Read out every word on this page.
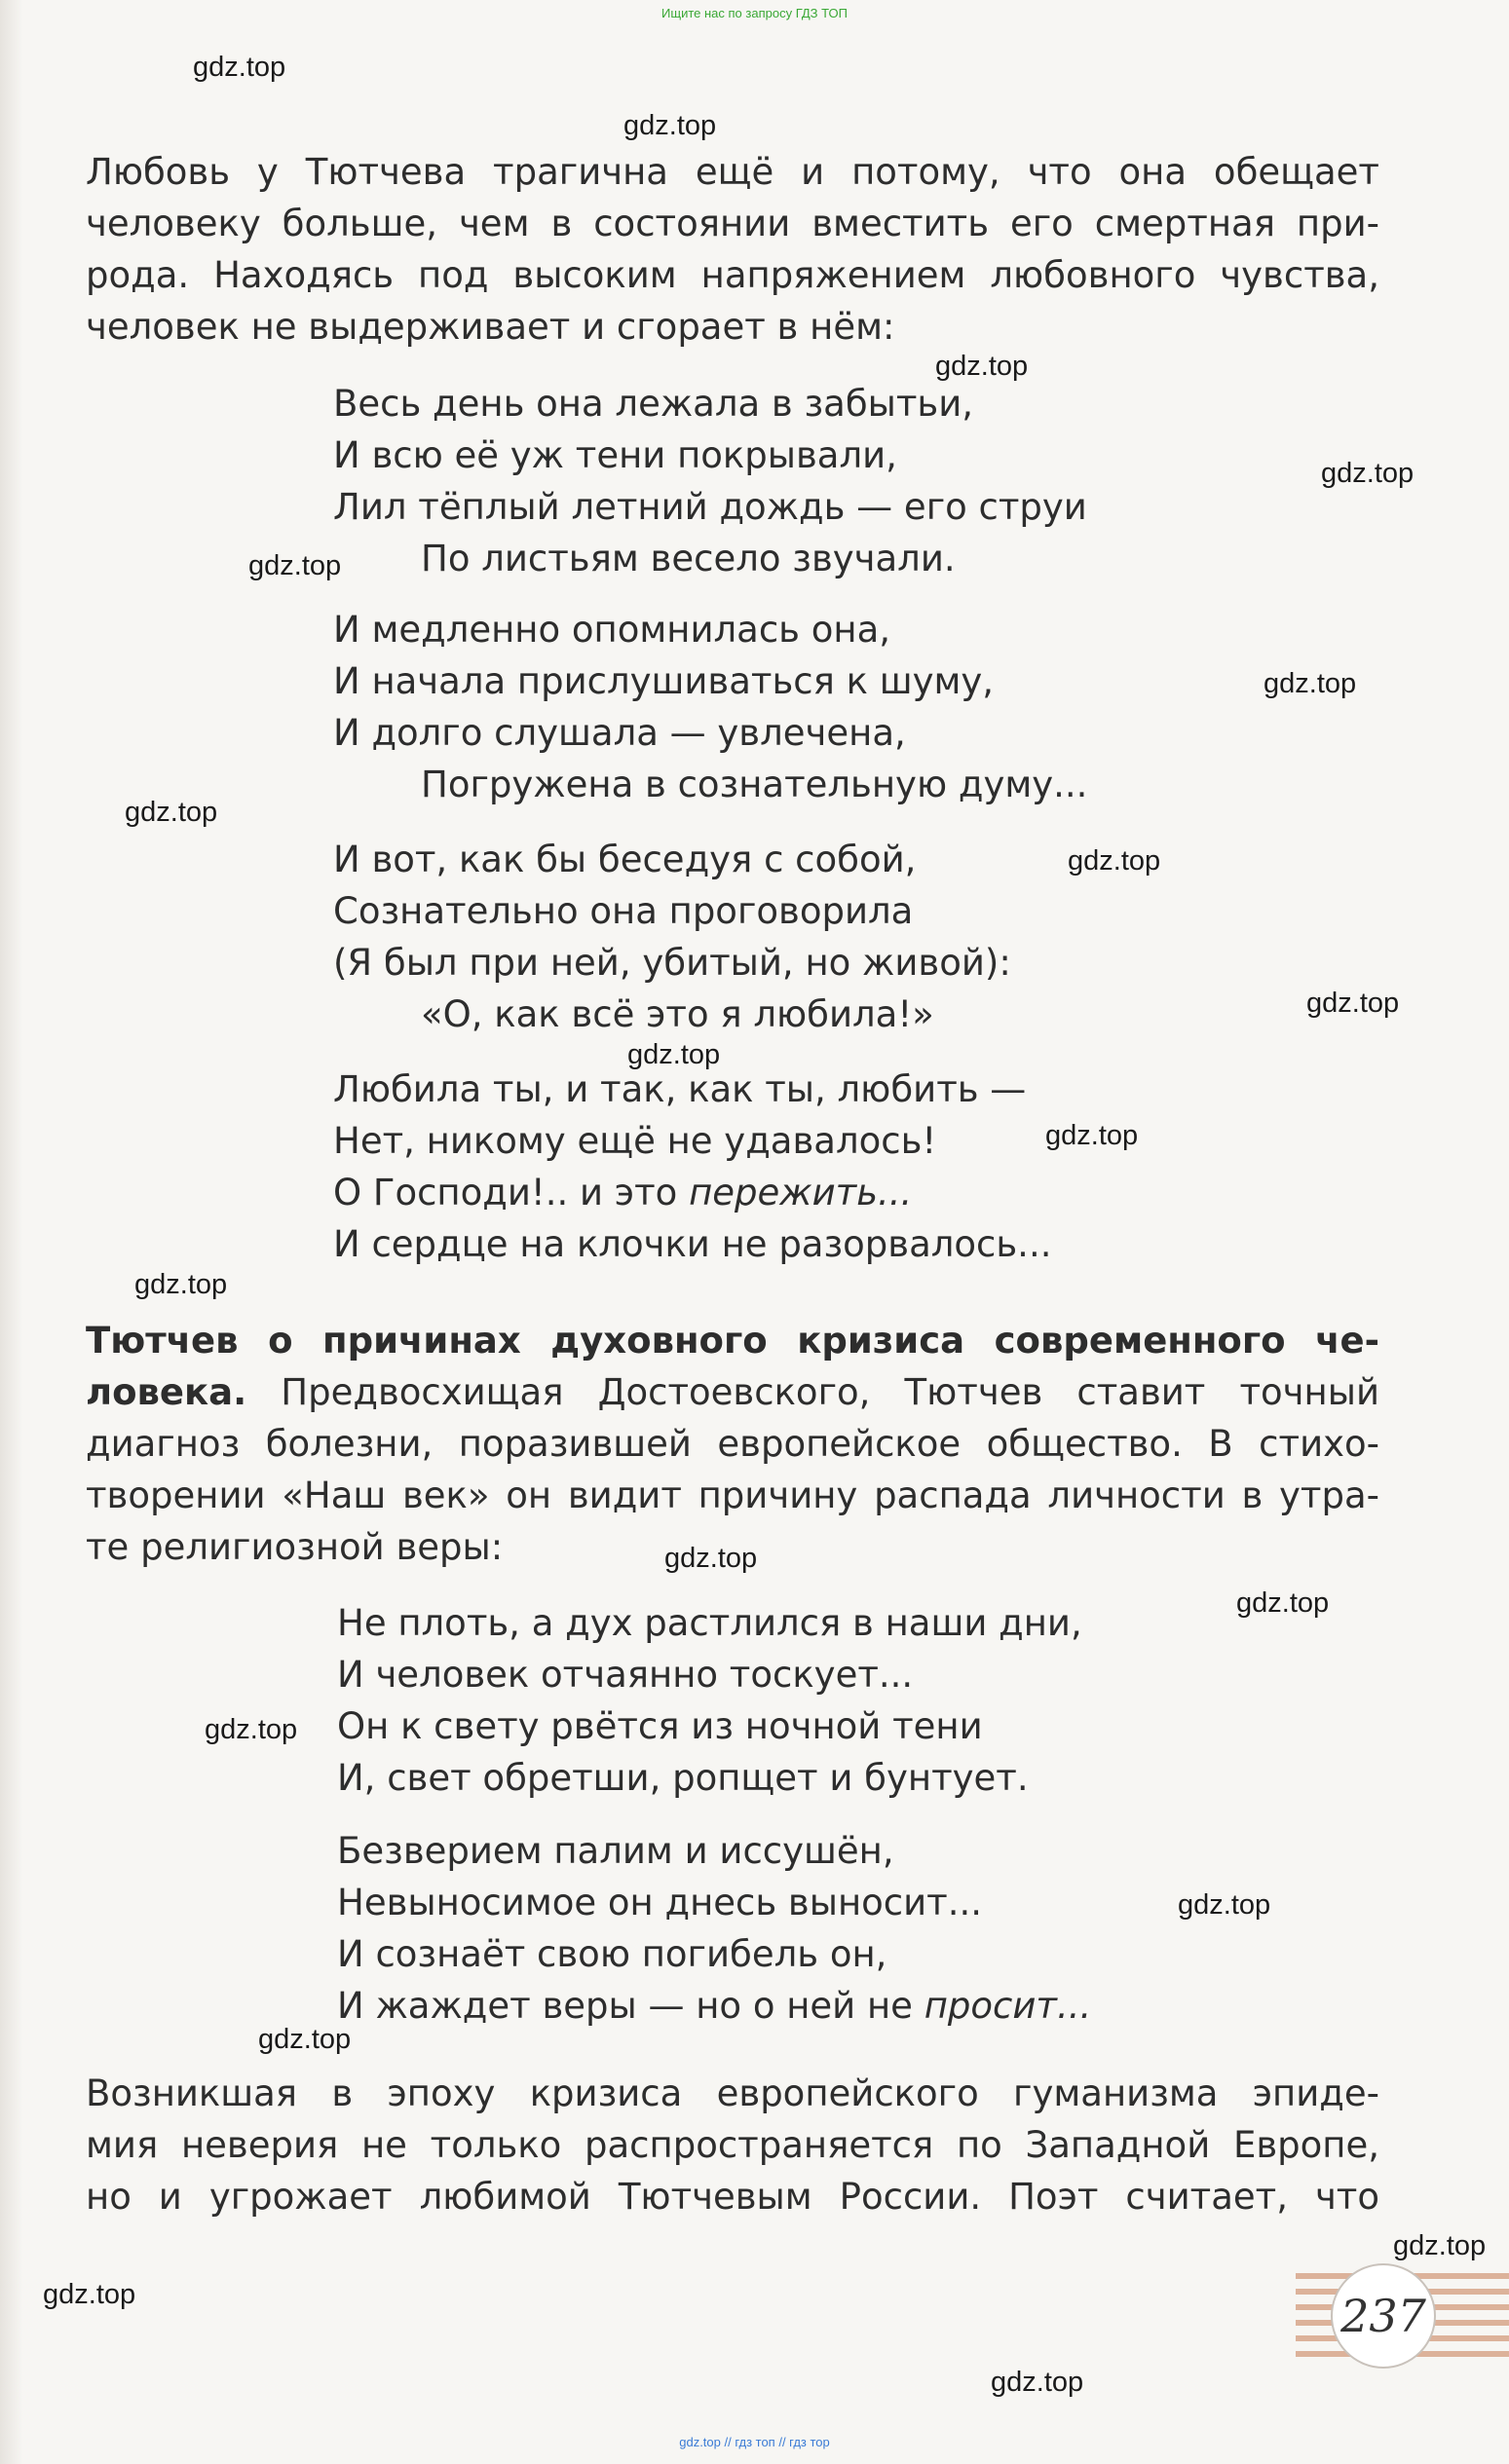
Ищите нас по запросу ГДЗ ТОП
gdz.top
gdz.top
gdz.top
gdz.top
gdz.top
gdz.top
gdz.top
gdz.top
gdz.top
gdz.top
gdz.top
gdz.top
gdz.top
gdz.top
gdz.top
gdz.top
gdz.top
gdz.top
gdz.top
gdz.top

Любовь у Тютчева трагична ещё и потому, что она обещает
человеку больше, чем в состоянии вместить его смертная при-
рода. Находясь под высоким напряжением любовного чувства,
человек не выдерживает и сгорает в нём:

Весь день она лежала в забытьи,
И всю её уж тени покрывали,
Лил тёплый летний дождь — его струи
По листьям весело звучали.
И медленно опомнилась она,
И начала прислушиваться к шуму,
И долго слушала — увлечена,
Погружена в сознательную думу...
И вот, как бы беседуя с собой,
Сознательно она проговорила
(Я был при ней, убитый, но живой):
«О, как всё это я любила!»
Любила ты, и так, как ты, любить —
Нет, никому ещё не удавалось!
О Господи!.. и это пережить...
И сердце на клочки не разорвалось...

Тютчев о причинах духовного кризиса современного че-
ловека. Предвосхищая Достоевского, Тютчев ставит точный
диагноз болезни, поразившей европейское общество. В стихо-
творении «Наш век» он видит причину распада личности в утра-
те религиозной веры:

Не плоть, а дух растлился в наши дни,
И человек отчаянно тоскует...
Он к свету рвётся из ночной тени
И, свет обретши, ропщет и бунтует.
Безверием палим и иссушён,
Невыносимое он днесь выносит...
И сознаёт свою погибель он,
И жаждет веры — но о ней не просит...

Возникшая в эпоху кризиса европейского гуманизма эпиде-
мия неверия не только распространяется по Западной Европе,
но и угрожает любимой Тютчевым России. Поэт считает, что

237
gdz.top // гдз топ // гдз тор
